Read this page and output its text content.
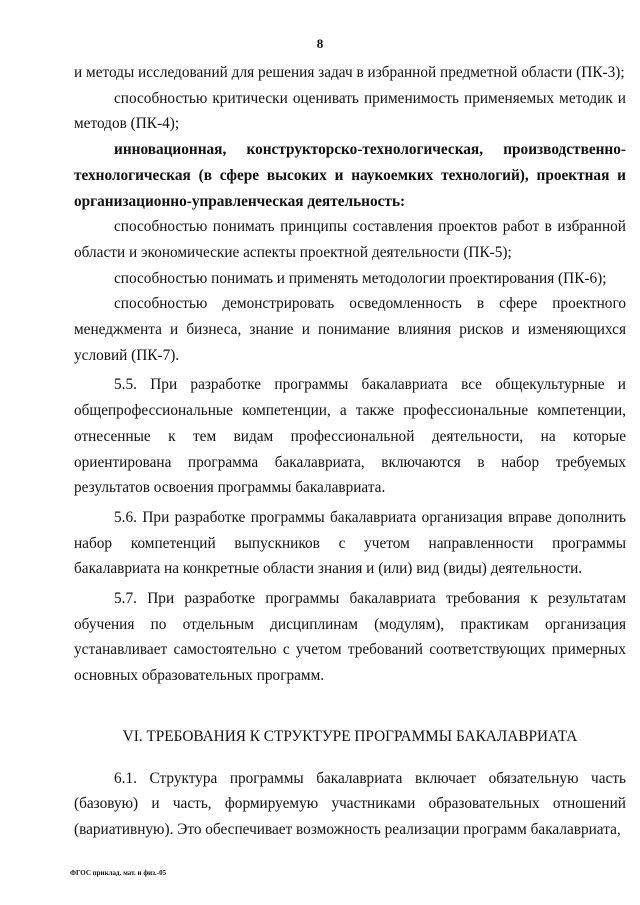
8

и методы исследований для решения задач в избранной предметной области (ПК-3);

способностью критически оценивать применимость применяемых методик и методов (ПК-4);

инновационная, конструкторско-технологическая, производственно-технологическая (в сфере высоких и наукоемких технологий), проектная и организационно-управленческая деятельность:

способностью понимать принципы составления проектов работ в избранной области и экономические аспекты проектной деятельности (ПК-5);

способностью понимать и применять методологии проектирования (ПК-6);

способностью демонстрировать осведомленность в сфере проектного менеджмента и бизнеса, знание и понимание влияния рисков и изменяющихся условий (ПК-7).

5.5. При разработке программы бакалавриата все общекультурные и общепрофессиональные компетенции, а также профессиональные компетенции, отнесенные к тем видам профессиональной деятельности, на которые ориентирована программа бакалавриата, включаются в набор требуемых результатов освоения программы бакалавриата.

5.6. При разработке программы бакалавриата организация вправе дополнить набор компетенций выпускников с учетом направленности программы бакалавриата на конкретные области знания и (или) вид (виды) деятельности.

5.7. При разработке программы бакалавриата требования к результатам обучения по отдельным дисциплинам (модулям), практикам организация устанавливает самостоятельно с учетом требований соответствующих примерных основных образовательных программ.

VI. ТРЕБОВАНИЯ К СТРУКТУРЕ ПРОГРАММЫ БАКАЛАВРИАТА

6.1. Структура программы бакалавриата включает обязательную часть (базовую) и часть, формируемую участниками образовательных отношений (вариативную). Это обеспечивает возможность реализации программ бакалавриата,

ФГОС приклад. мат. и физ.-05
